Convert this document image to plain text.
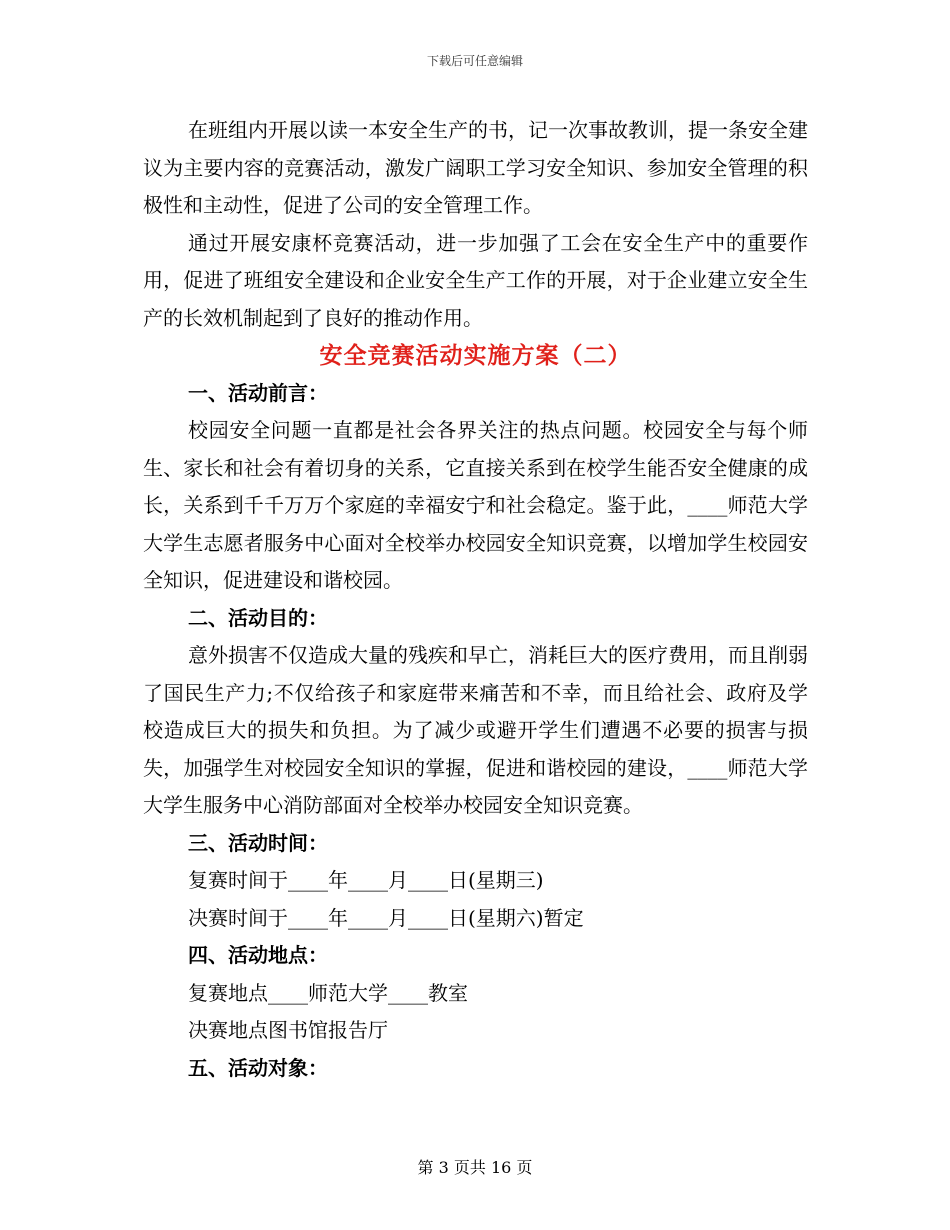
下载后可任意编辑

在班组内开展以读一本安全生产的书，记一次事故教训，提一条安全建议为主要内容的竞赛活动，激发广阔职工学习安全知识、参加安全管理的积极性和主动性，促进了公司的安全管理工作。

通过开展安康杯竞赛活动，进一步加强了工会在安全生产中的重要作用，促进了班组安全建设和企业安全生产工作的开展，对于企业建立安全生产的长效机制起到了良好的推动作用。

安全竞赛活动实施方案（二）

一、活动前言：

校园安全问题一直都是社会各界关注的热点问题。校园安全与每个师生、家长和社会有着切身的关系，它直接关系到在校学生能否安全健康的成长，关系到千千万万个家庭的幸福安宁和社会稳定。鉴于此，____师范大学大学生志愿者服务中心面对全校举办校园安全知识竞赛，以增加学生校园安全知识，促进建设和谐校园。

二、活动目的：

意外损害不仅造成大量的残疾和早亡，消耗巨大的医疗费用，而且削弱了国民生产力;不仅给孩子和家庭带来痛苦和不幸，而且给社会、政府及学校造成巨大的损失和负担。为了减少或避开学生们遭遇不必要的损害与损失，加强学生对校园安全知识的掌握，促进和谐校园的建设，____师范大学大学生服务中心消防部面对全校举办校园安全知识竞赛。

三、活动时间：

复赛时间于____年____月____日(星期三)

决赛时间于____年____月____日(星期六)暂定

四、活动地点：

复赛地点____师范大学____教室

决赛地点图书馆报告厅

五、活动对象：

第 3 页共 16 页
